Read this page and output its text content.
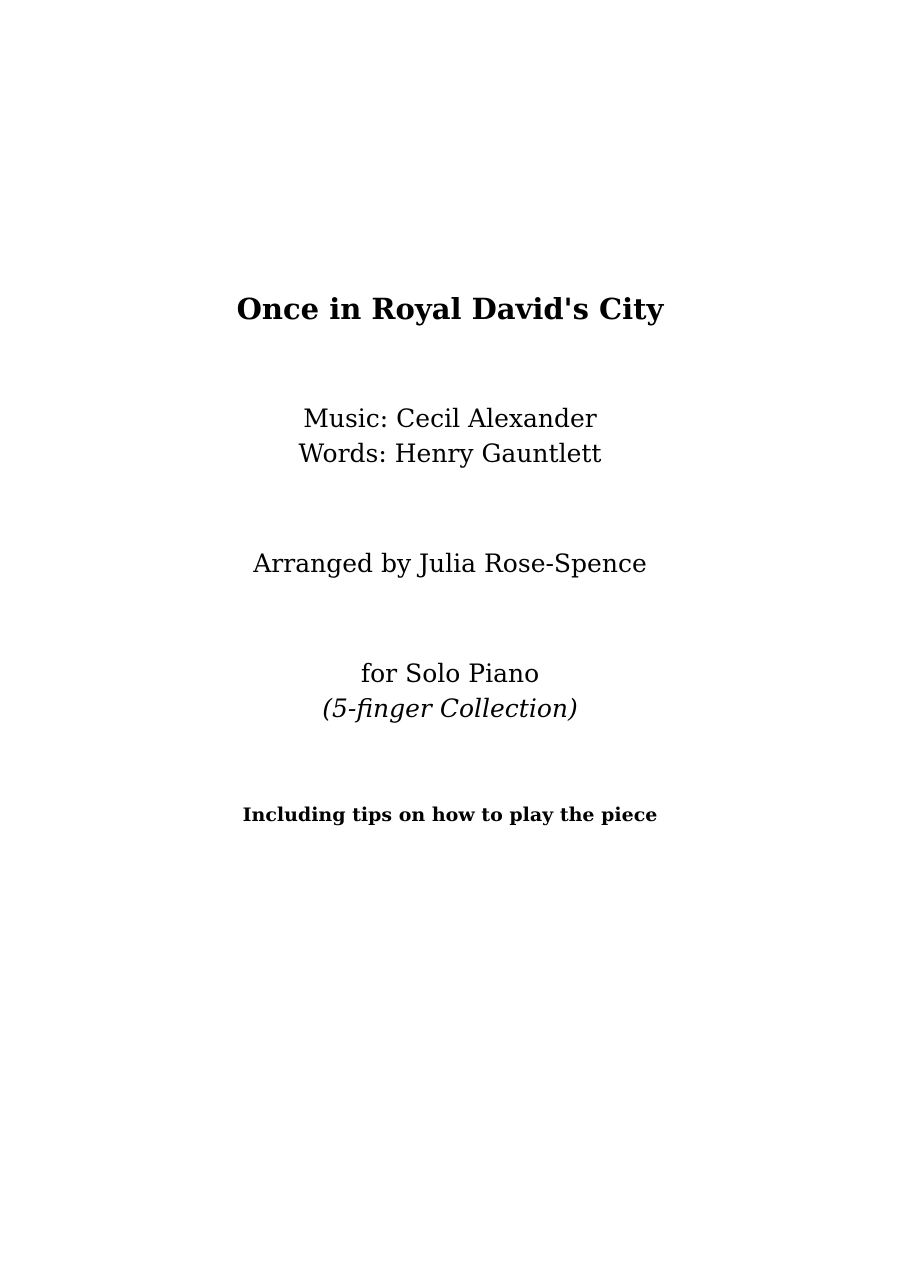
Once in Royal David's City
Music: Cecil Alexander
Words: Henry Gauntlett
Arranged by Julia Rose-Spence
for Solo Piano
(5-finger Collection)
Including tips on how to play the piece
